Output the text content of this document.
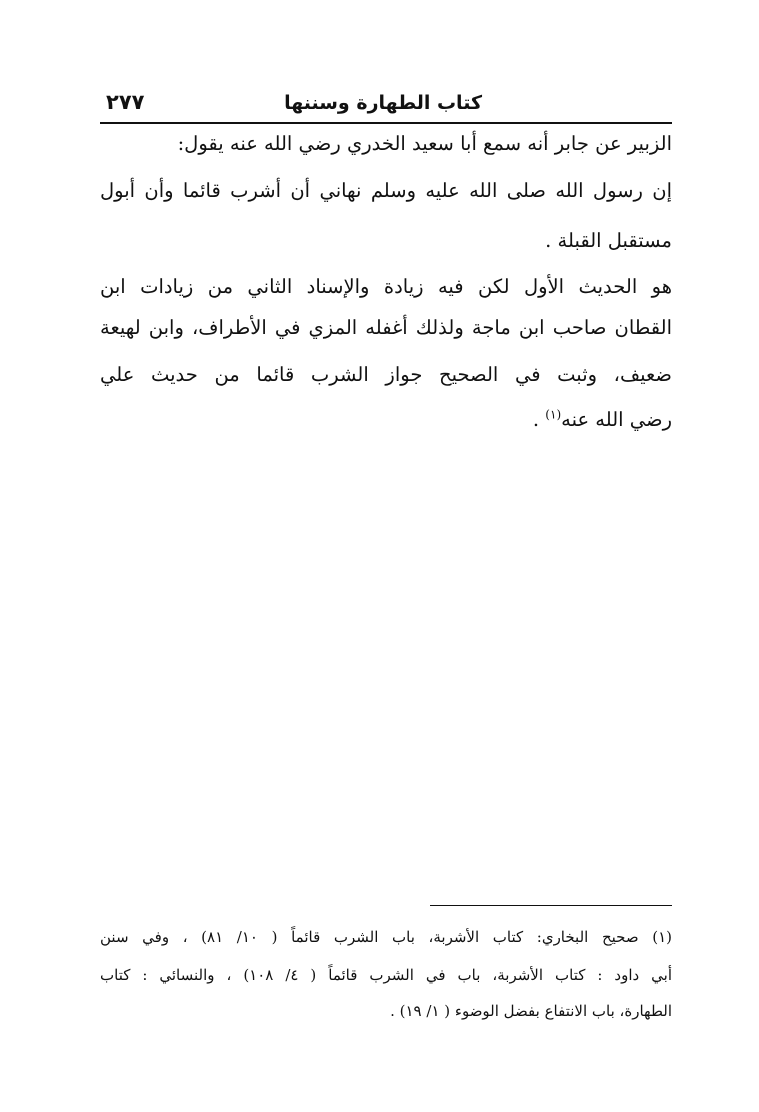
٢٧٧	كتاب الطهارة وسننها
الزبير عن جابر أنه سمع أبا سعيد الخدري رضي الله عنه يقول:
إن رسول الله صلى الله عليه وسلم نهاني أن أشرب قائما وأن أبول
مستقبل القبلة .
هو الحديث الأول لكن فيه زيادة والإسناد الثاني من زيادات ابن
القطان صاحب ابن ماجة ولذلك أغفله المزي في الأطراف، وابن لهيعة
ضعيف، وثبت في الصحيح جواز الشرب قائما من حديث علي
رضي الله عنه$^{(١)}$ .
(١) صحيح البخاري: كتاب الأشربة، باب الشرب قائماً ( ١٠/ ٨١) ، وفي سنن
أبي داود : كتاب الأشربة، باب في الشرب قائماً ( ٤/ ١٠٨) ، والنسائي : كتاب
الطهارة، باب الانتفاع بفضل الوضوء ( ١/ ١٩) .
